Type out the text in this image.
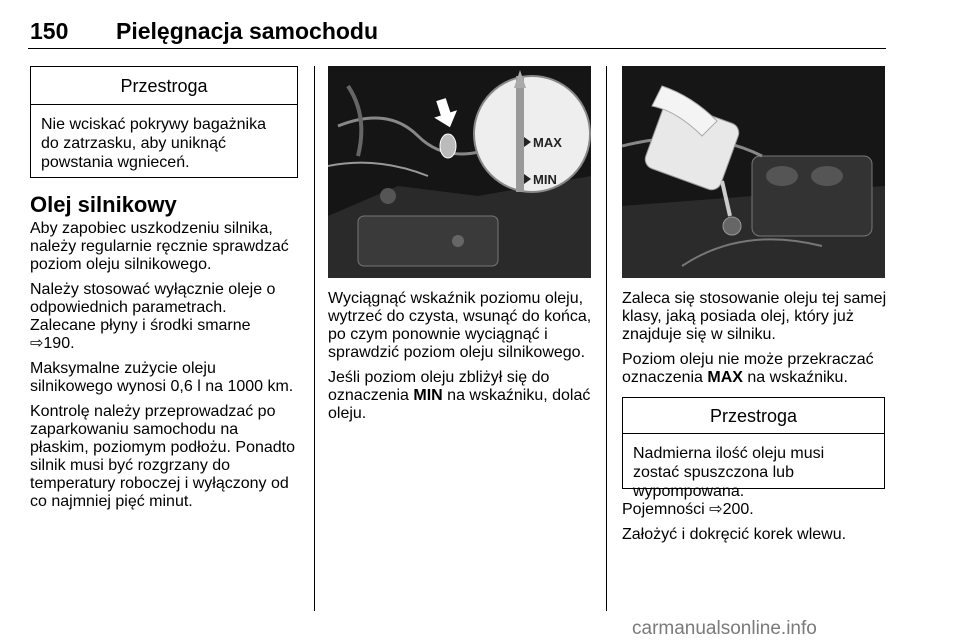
150 Pielęgnacja samochodu
Przestroga
Nie wciskać pokrywy bagażnika do zatrzasku, aby uniknąć powstania wgnieceń.
Olej silnikowy

Aby zapobiec uszkodzeniu silnika, należy regularnie ręcznie sprawdzać poziom oleju silnikowego.

Należy stosować wyłącznie oleje o odpowiednich parametrach.

Zalecane płyny i środki smarne
⇨ 190.

Maksymalne zużycie oleju silnikowego wynosi 0,6 l na 1000 km.

Kontrolę należy przeprowadzać po zaparkowaniu samochodu na płaskim, poziomym podłożu. Ponadto silnik musi być rozgrzany do temperatury roboczej i wyłączony od co najmniej pięć minut.

MAX
MIN

Wyciągnąć wskaźnik poziomu oleju, wytrzeć do czysta, wsunąć do końca, po czym ponownie wyciągnąć i sprawdzić poziom oleju silnikowego.

Jeśli poziom oleju zbliżył się do oznaczenia MIN na wskaźniku, dolać oleju.

Zaleca się stosowanie oleju tej samej klasy, jaką posiada olej, który już znajduje się w silniku.

Poziom oleju nie może przekraczać oznaczenia MAX na wskaźniku.

Przestroga
Nadmierna ilość oleju musi zostać spuszczona lub wypompowana.

Pojemności ⇨ 200.

Założyć i dokręcić korek wlewu.

carmanualsonline.info
